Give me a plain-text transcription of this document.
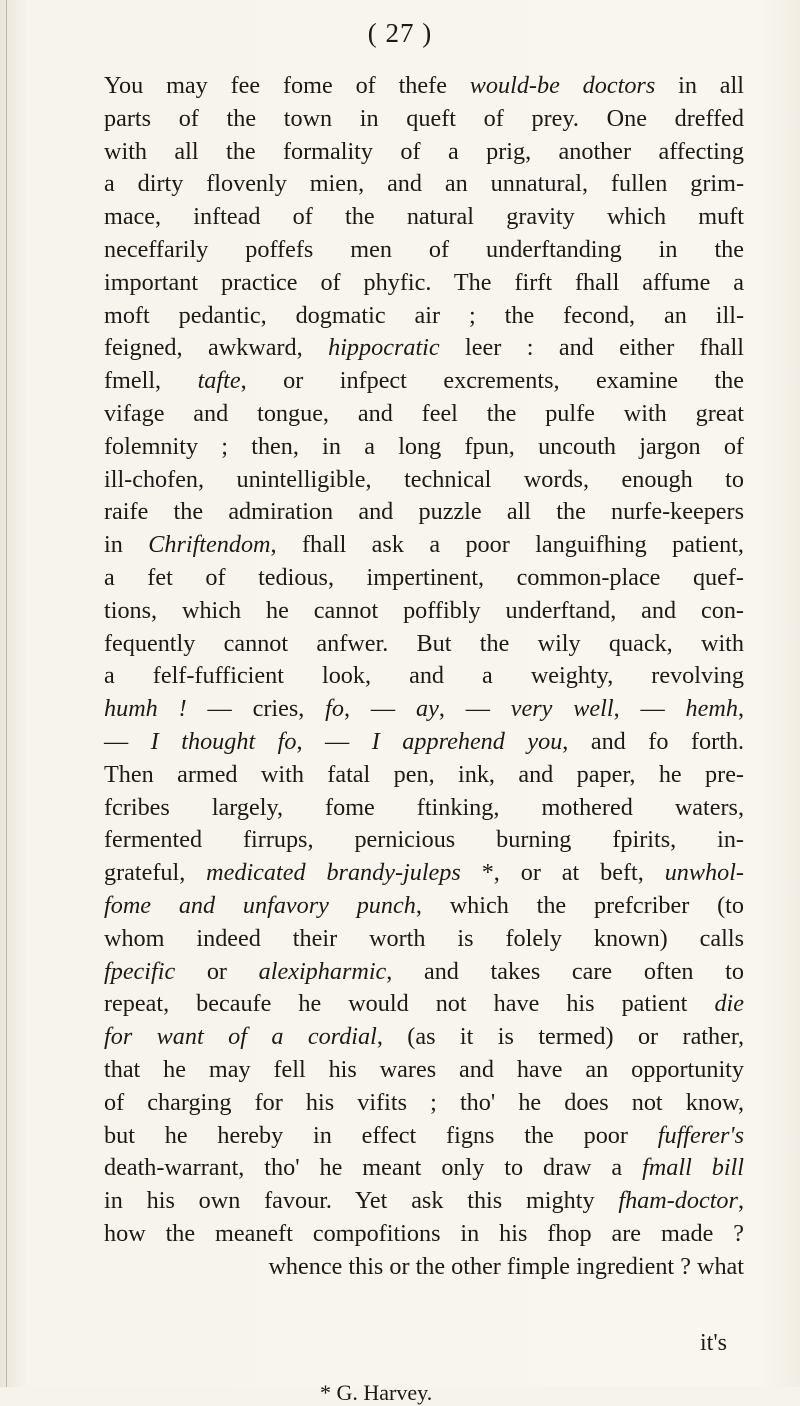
( 27 )
You may fee fome of thefe would-be doctors in all
parts of the town in queft of prey. One dreffed
with all the formality of a prig, another affecting
a dirty flovenly mien, and an unnatural, fullen grim-
mace, inftead of the natural gravity which muft
neceffarily poffefs men of underftanding in the
important practice of phyfic. The firft fhall affume a
moft pedantic, dogmatic air ; the fecond, an ill-
feigned, awkward, hippocratic leer : and either fhall
fmell, tafte, or infpect excrements, examine the
vifage and tongue, and feel the pulfe with great
folemnity ; then, in a long fpun, uncouth jargon of
ill-chofen, unintelligible, technical words, enough to
raife the admiration and puzzle all the nurfe-keepers
in Chriftendom, fhall ask a poor languifhing patient,
a fet of tedious, impertinent, common-place quef-
tions, which he cannot poffibly underftand, and con-
fequently cannot anfwer. But the wily quack, with
a felf-fufficient look, and a weighty, revolving
humh ! — cries, fo, — ay, — very well, — hemh,
— I thought fo, — I apprehend you, and fo forth.
Then armed with fatal pen, ink, and paper, he pre-
fcribes largely, fome ftinking, mothered waters,
fermented firrups, pernicious burning fpirits, in-
grateful, medicated brandy-juleps *, or at beft, unwhol-
fome and unfavory punch, which the prefcriber (to
whom indeed their worth is folely known) calls
fpecific or alexipharmic, and takes care often to
repeat, becaufe he would not have his patient die
for want of a cordial, (as it is termed) or rather,
that he may fell his wares and have an opportunity
of charging for his vifits ; tho' he does not know,
but he hereby in effect figns the poor fufferer's
death-warrant, tho' he meant only to draw a fmall bill
in his own favour. Yet ask this mighty fham-doctor,
how the meaneft compofitions in his fhop are made ?
whence this or the other fimple ingredient ? what
it's
* G. Harvey.
